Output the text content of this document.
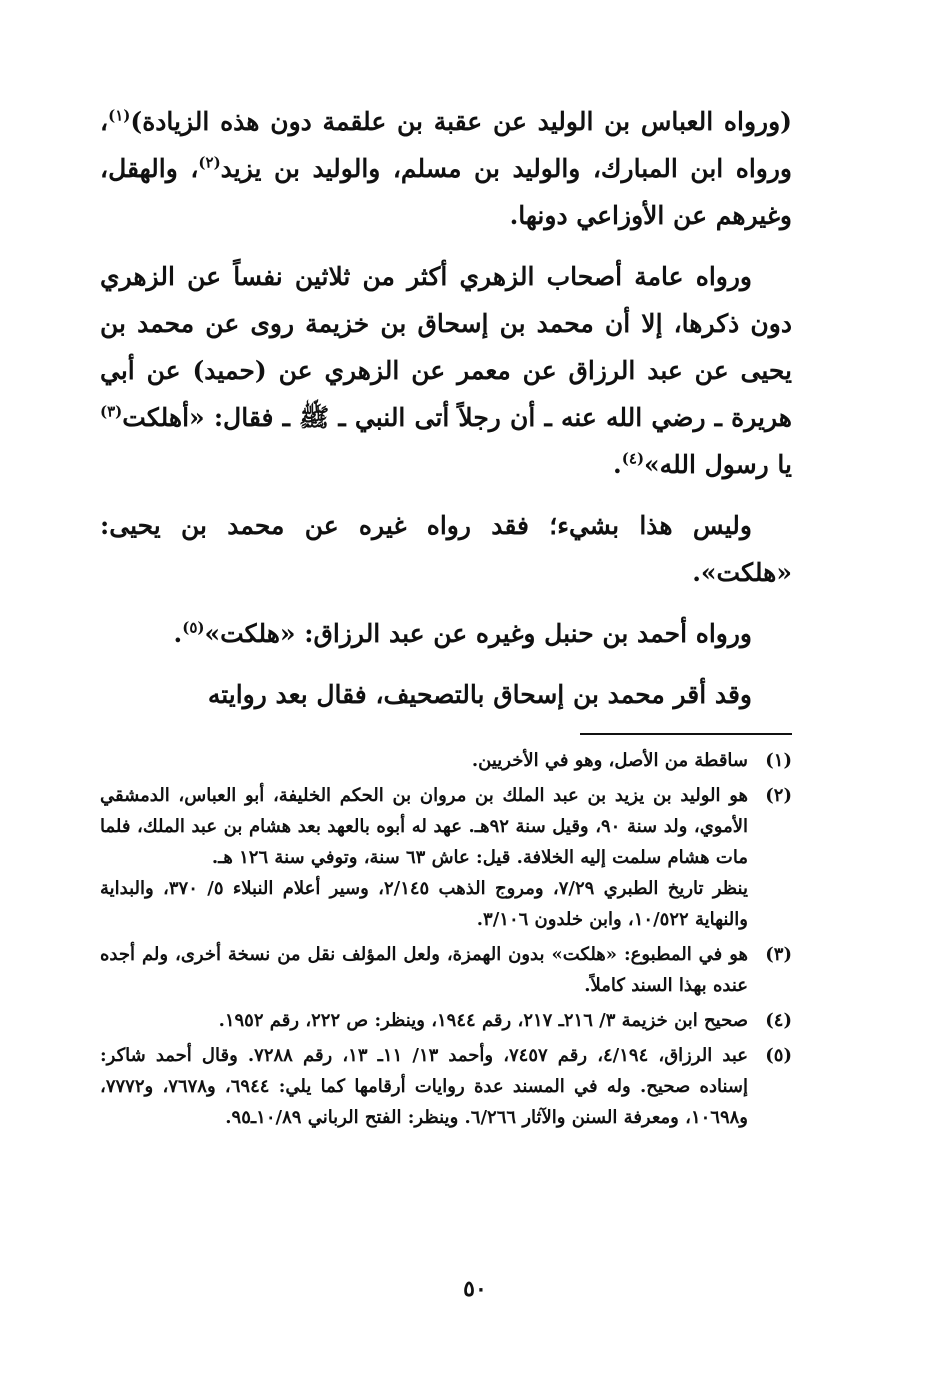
(ورواه العباس بن الوليد عن عقبة بن علقمة دون هذه الزيادة)$^{(١)}$، ورواه ابن المبارك، والوليد بن مسلم، والوليد بن يزيد$^{(٢)}$، والهقل، وغيرهم عن الأوزاعي دونها.

ورواه عامة أصحاب الزهري أكثر من ثلاثين نفساً عن الزهري دون ذكرها، إلا أن محمد بن إسحاق بن خزيمة روى عن محمد بن يحيى عن عبد الرزاق عن معمر عن الزهري عن (حميد) عن أبي هريرة ـ رضي الله عنه ـ أن رجلاً أتى النبي ـ ﷺ ـ فقال: «أهلكت$^{(٣)}$ يا رسول الله»$^{(٤)}$.

وليس هذا بشيء؛ فقد رواه غيره عن محمد بن يحيى: «هلكت».

ورواه أحمد بن حنبل وغيره عن عبد الرزاق: «هلكت»$^{(٥)}$.

وقد أقر محمد بن إسحاق بالتصحيف، فقال بعد روايته

(١)

ساقطة من الأصل، وهو في الأخريين.

(٢)

هو الوليد بن يزيد بن عبد الملك بن مروان بن الحكم الخليفة، أبو العباس، الدمشقي الأموي، ولد سنة ٩٠، وقيل سنة ٩٢هـ. عهد له أبوه بالعهد بعد هشام بن عبد الملك، فلما مات هشام سلمت إليه الخلافة. قيل: عاش ٦٣ سنة، وتوفي سنة ١٢٦ هـ.

ينظر تاريخ الطبري ٧/٢٩، ومروج الذهب ٢/١٤٥، وسير أعلام النبلاء ٥/ ٣٧٠، والبداية والنهاية ١٠/٥٢٢، وابن خلدون ٣/١٠٦.

(٣)

هو في المطبوع: «هلكت» بدون الهمزة، ولعل المؤلف نقل من نسخة أخرى، ولم أجده عنده بهذا السند كاملاً.

(٤)

صحيح ابن خزيمة ٣/ ٢١٦ـ ٢١٧، رقم ١٩٤٤، وينظر: ص ٢٢٢، رقم ١٩٥٢.

(٥)

عبد الرزاق، ٤/١٩٤، رقم ٧٤٥٧، وأحمد ١٣/ ١١ـ ١٣، رقم ٧٢٨٨. وقال أحمد شاكر: إسناده صحيح. وله في المسند عدة روايات أرقامها كما يلي: ٦٩٤٤، و٧٦٧٨، و٧٧٧٢، و١٠٦٩٨، ومعرفة السنن والآثار ٦/٢٦٦. وينظر: الفتح الرباني ١٠/٨٩ـ٩٥.

٥٠
